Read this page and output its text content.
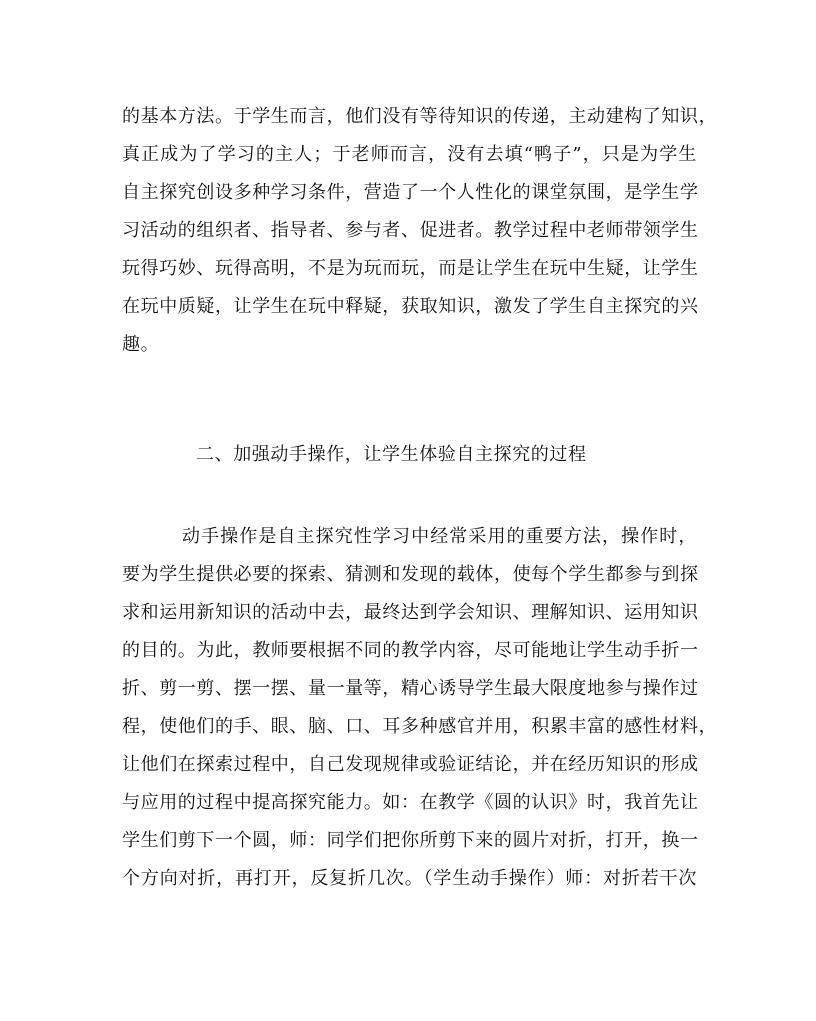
的基本方法。于学生而言，他们没有等待知识的传递，主动建构了知识，
真正成为了学习的主人；于老师而言，没有去填“鸭子”，只是为学生
自主探究创设多种学习条件，营造了一个人性化的课堂氛围，是学生学
习活动的组织者、指导者、参与者、促进者。教学过程中老师带领学生
玩得巧妙、玩得高明，不是为玩而玩，而是让学生在玩中生疑，让学生
在玩中质疑，让学生在玩中释疑，获取知识，激发了学生自主探究的兴
趣。
二、加强动手操作，让学生体验自主探究的过程
动手操作是自主探究性学习中经常采用的重要方法，操作时，
要为学生提供必要的探索、猜测和发现的载体，使每个学生都参与到探
求和运用新知识的活动中去，最终达到学会知识、理解知识、运用知识
的目的。为此，教师要根据不同的教学内容，尽可能地让学生动手折一
折、剪一剪、摆一摆、量一量等，精心诱导学生最大限度地参与操作过
程，使他们的手、眼、脑、口、耳多种感官并用，积累丰富的感性材料，
让他们在探索过程中，自己发现规律或验证结论，并在经历知识的形成
与应用的过程中提高探究能力。如：在教学《圆的认识》时，我首先让
学生们剪下一个圆，师：同学们把你所剪下来的圆片对折，打开，换一
个方向对折，再打开，反复折几次。（学生动手操作）师：对折若干次
